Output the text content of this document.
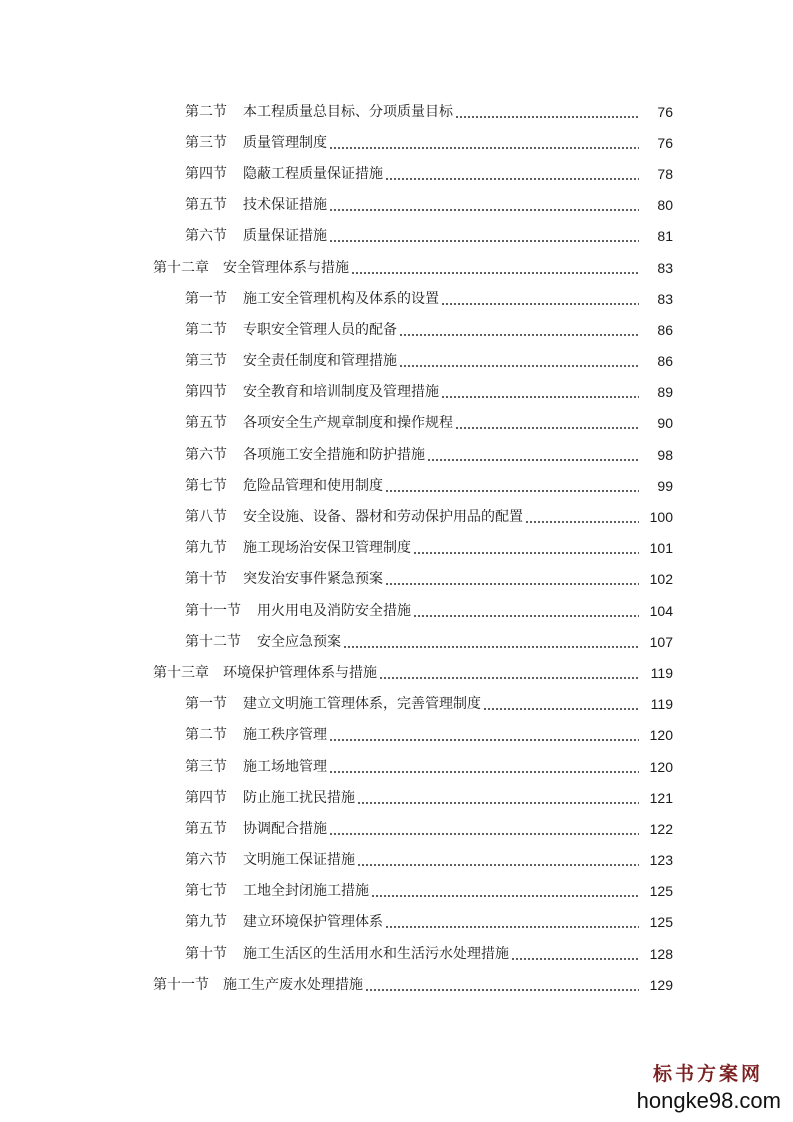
第二节 本工程质量总目标、分项质量目标	76
第三节 质量管理制度	76
第四节 隐蔽工程质量保证措施	78
第五节 技术保证措施	80
第六节 质量保证措施	81
第十二章 安全管理体系与措施	83
第一节 施工安全管理机构及体系的设置	83
第二节 专职安全管理人员的配备	86
第三节 安全责任制度和管理措施	86
第四节 安全教育和培训制度及管理措施	89
第五节 各项安全生产规章制度和操作规程	90
第六节 各项施工安全措施和防护措施	98
第七节 危险品管理和使用制度	99
第八节 安全设施、设备、器材和劳动保护用品的配置	100
第九节 施工现场治安保卫管理制度	101
第十节 突发治安事件紧急预案	102
第十一节 用火用电及消防安全措施	104
第十二节 安全应急预案	107
第十三章 环境保护管理体系与措施	119
第一节 建立文明施工管理体系，完善管理制度	119
第二节 施工秩序管理	120
第三节 施工场地管理	120
第四节 防止施工扰民措施	121
第五节 协调配合措施	122
第六节 文明施工保证措施	123
第七节 工地全封闭施工措施	125
第九节 建立环境保护管理体系	125
第十节 施工生活区的生活用水和生活污水处理措施	128
第十一节 施工生产废水处理措施	129
标书方案网
hongke98.com
